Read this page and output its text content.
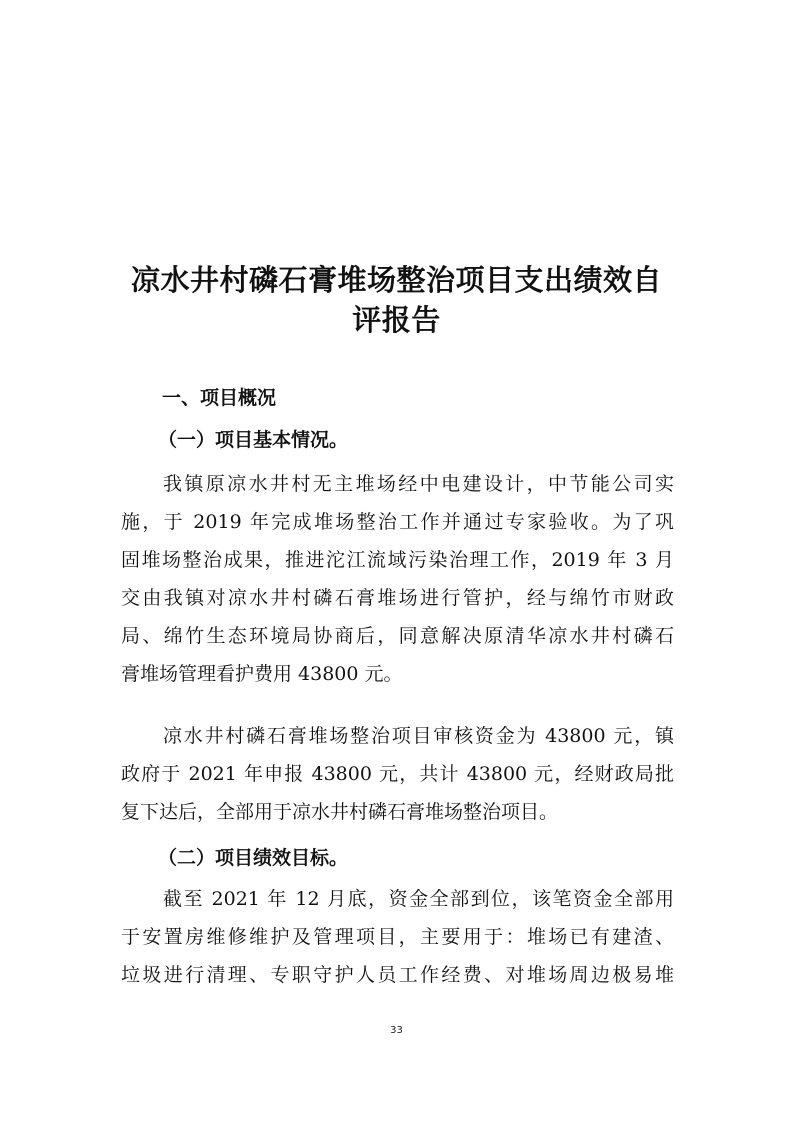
凉水井村磷石膏堆场整治项目支出绩效自
评报告
一、项目概况
（一）项目基本情况。
我镇原凉水井村无主堆场经中电建设计，中节能公司实
施，于 2019 年完成堆场整治工作并通过专家验收。为了巩
固堆场整治成果，推进沱江流域污染治理工作，2019 年 3 月
交由我镇对凉水井村磷石膏堆场进行管护，经与绵竹市财政
局、绵竹生态环境局协商后，同意解决原清华凉水井村磷石
膏堆场管理看护费用 43800 元。
凉水井村磷石膏堆场整治项目审核资金为 43800 元，镇
政府于 2021 年申报 43800 元，共计 43800 元，经财政局批
复下达后，全部用于凉水井村磷石膏堆场整治项目。
（二）项目绩效目标。
截至 2021 年 12 月底，资金全部到位，该笔资金全部用
于安置房维修维护及管理项目，主要用于：堆场已有建渣、
垃圾进行清理、专职守护人员工作经费、对堆场周边极易堆
33
